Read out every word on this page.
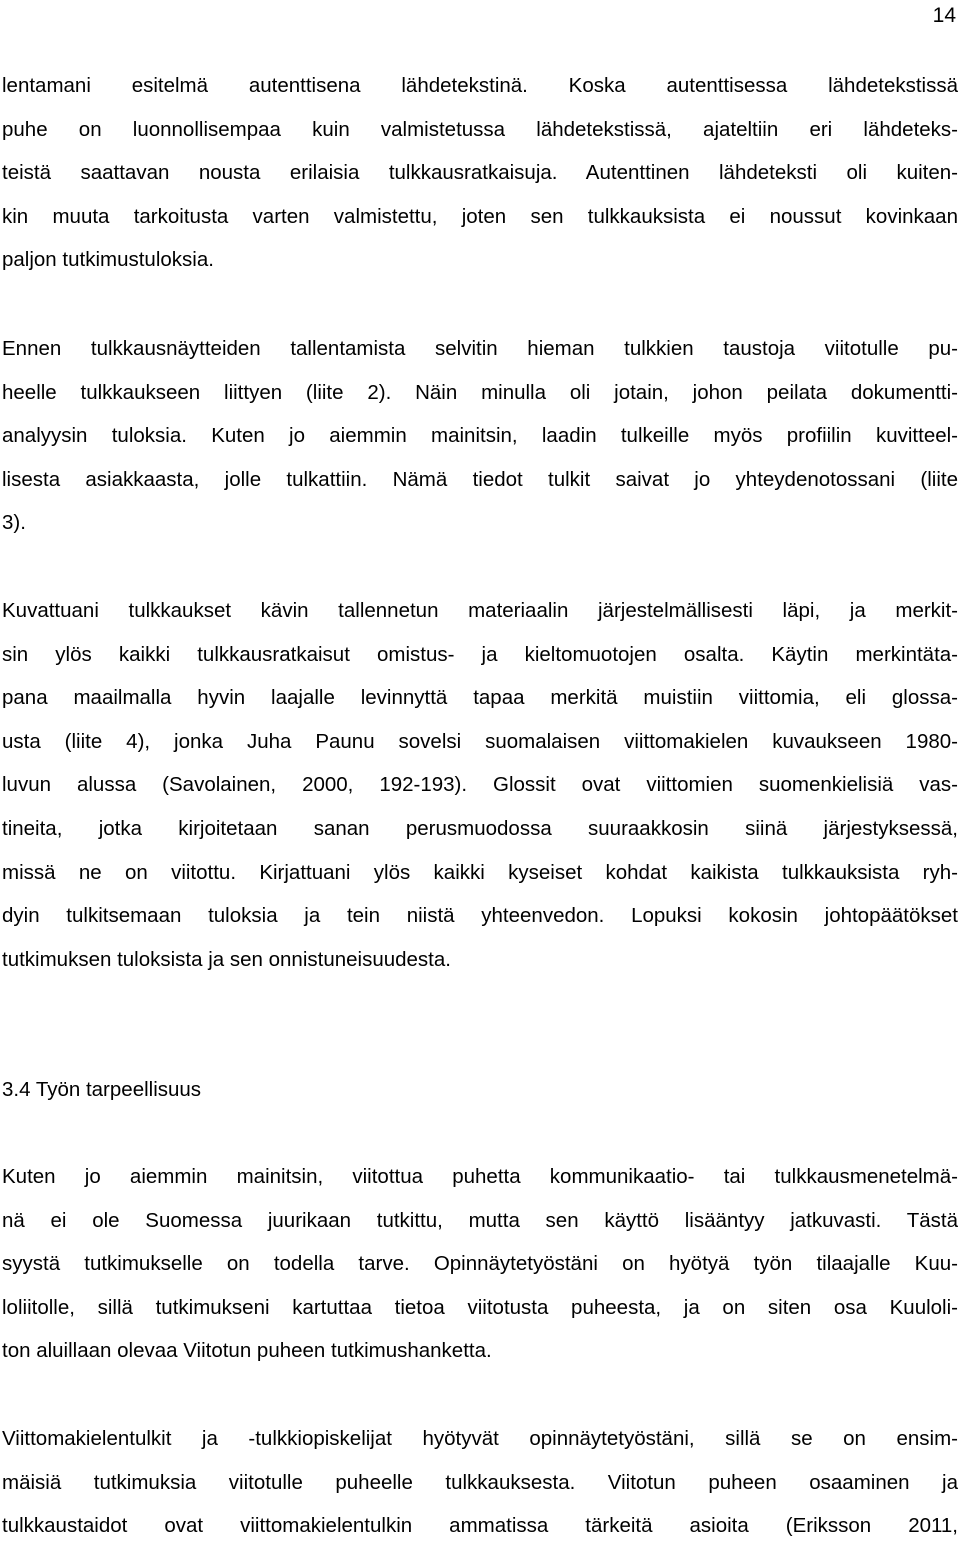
14
lentamani esitelmä autenttisena lähdetekstinä. Koska autenttisessa lähdetekstissä
puhe on luonnollisempaa kuin valmistetussa lähdetekstissä, ajateltiin eri lähdeteks-
teistä saattavan nousta erilaisia tulkkausratkaisuja. Autenttinen lähdeteksti oli kuiten-
kin muuta tarkoitusta varten valmistettu, joten sen tulkkauksista ei noussut kovinkaan
paljon tutkimustuloksia.
Ennen tulkkausnäytteiden tallentamista selvitin hieman tulkkien taustoja viitotulle pu-
heelle tulkkaukseen liittyen (liite 2). Näin minulla oli jotain, johon peilata dokumentti-
analyysin tuloksia. Kuten jo aiemmin mainitsin, laadin tulkeille myös profiilin kuvitteel-
lisesta asiakkaasta, jolle tulkattiin. Nämä tiedot tulkit saivat jo yhteydenotossani (liite
3).
Kuvattuani tulkkaukset kävin tallennetun materiaalin järjestelmällisesti läpi, ja merkit-
sin ylös kaikki tulkkausratkaisut omistus- ja kieltomuotojen osalta. Käytin merkintäta-
pana maailmalla hyvin laajalle levinnyttä tapaa merkitä muistiin viittomia, eli glossa-
usta (liite 4), jonka Juha Paunu sovelsi suomalaisen viittomakielen kuvaukseen 1980-
luvun alussa (Savolainen, 2000, 192-193). Glossit ovat viittomien suomenkielisiä vas-
tineita, jotka kirjoitetaan sanan perusmuodossa suuraakkosin siinä järjestyksessä,
missä ne on viitottu. Kirjattuani ylös kaikki kyseiset kohdat kaikista tulkkauksista ryh-
dyin tulkitsemaan tuloksia ja tein niistä yhteenvedon. Lopuksi kokosin johtopäätökset
tutkimuksen tuloksista ja sen onnistuneisuudesta.
3.4 Työn tarpeellisuus
Kuten jo aiemmin mainitsin, viitottua puhetta kommunikaatio- tai tulkkausmenetelmä-
nä ei ole Suomessa juurikaan tutkittu, mutta sen käyttö lisääntyy jatkuvasti. Tästä
syystä tutkimukselle on todella tarve. Opinnäytetyöstäni on hyötyä työn tilaajalle Kuu-
loliitolle, sillä tutkimukseni kartuttaa tietoa viitotusta puheesta, ja on siten osa Kuuloli-
ton aluillaan olevaa Viitotun puheen tutkimushanketta.
Viittomakielentulkit ja -tulkkiopiskelijat hyötyvät opinnäytetyöstäni, sillä se on ensim-
mäisiä tutkimuksia viitotulle puheelle tulkkauksesta. Viitotun puheen osaaminen ja
tulkkaustaidot ovat viittomakielentulkin ammatissa tärkeitä asioita (Eriksson 2011,
